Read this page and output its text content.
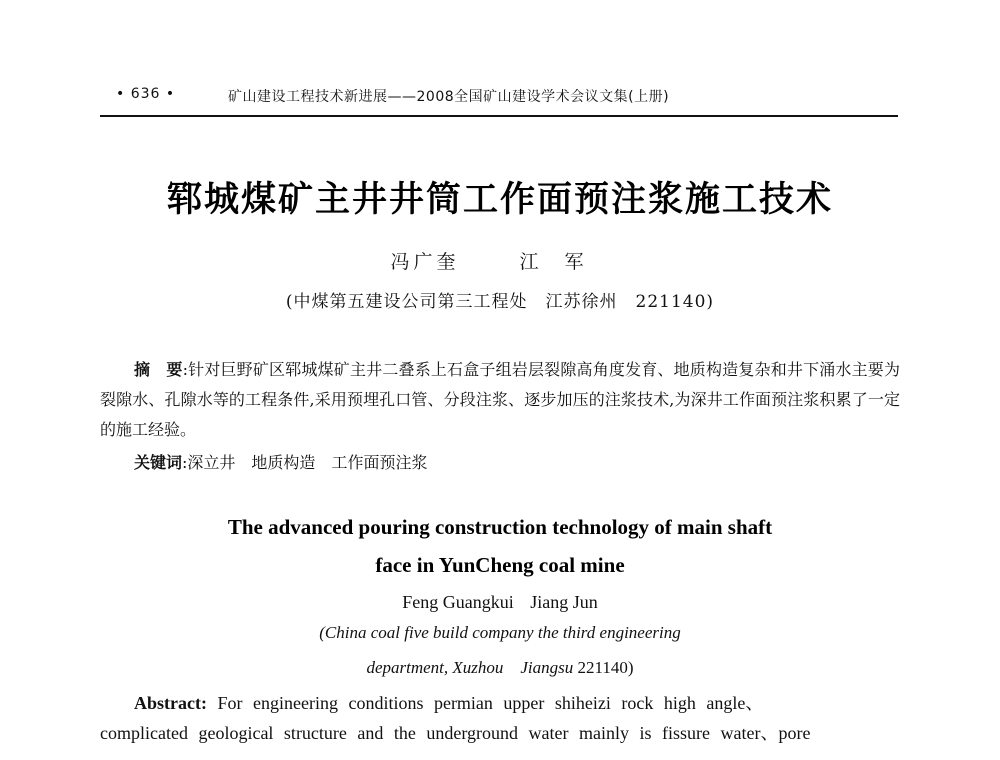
• 636 •	矿山建设工程技术新进展——2008全国矿山建设学术会议文集(上册)
郓城煤矿主井井筒工作面预注浆施工技术
冯广奎	江军
(中煤第五建设公司第三工程处　江苏徐州　221140)
摘　要:针对巨野矿区郓城煤矿主井二叠系上石盒子组岩层裂隙高角度发育、地质构造复杂和井下涌水主要为裂隙水、孔隙水等的工程条件,采用预埋孔口管、分段注浆、逐步加压的注浆技术,为深井工作面预注浆积累了一定的施工经验。
关键词:深立井 地质构造 工作面预注浆
The advanced pouring construction technology of main shaft
face in YunCheng coal mine
Feng Guangkui Jiang Jun
(China coal five build company the third engineering
department, Xuzhou　Jiangsu 221140)
Abstract: For engineering conditions permian upper shiheizi rock high angle、
complicated geological structure and the underground water mainly is fissure water、pore
